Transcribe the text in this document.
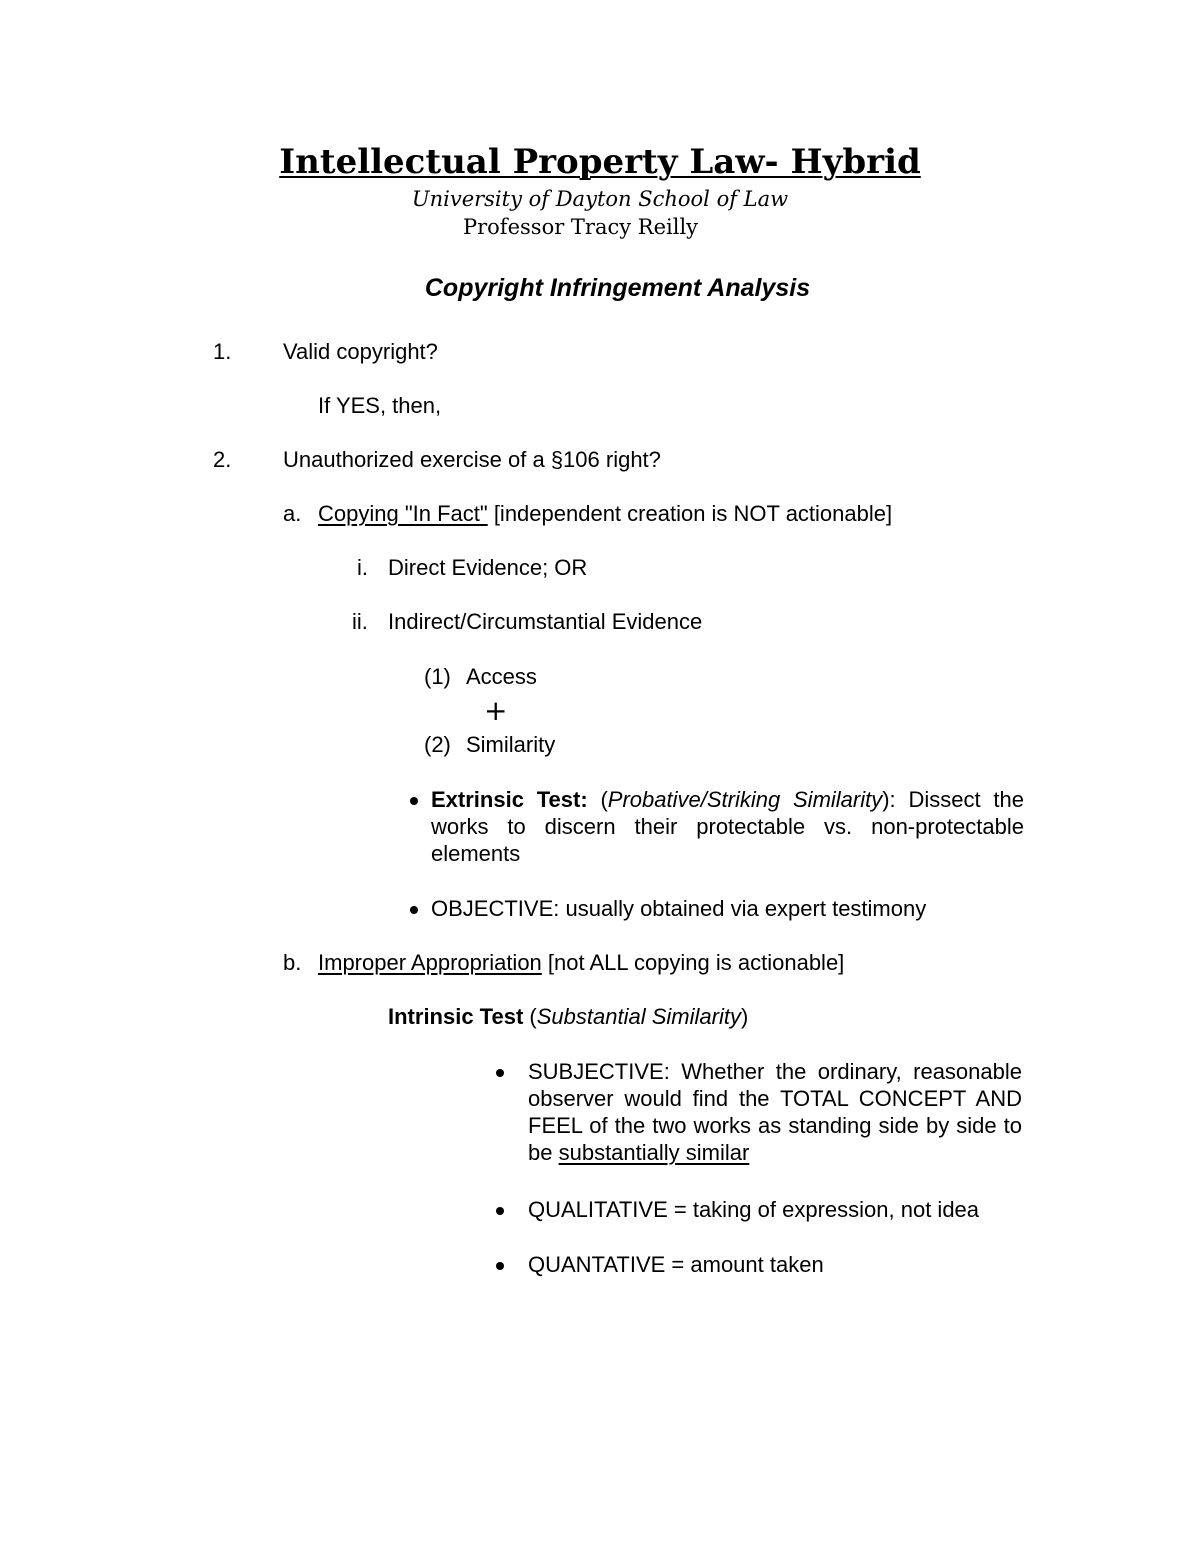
Intellectual Property Law- Hybrid
University of Dayton School of Law
Professor Tracy Reilly
Copyright Infringement Analysis
1. Valid copyright?
If YES, then,
2. Unauthorized exercise of a §106 right?
a. Copying "In Fact" [independent creation is NOT actionable]
i. Direct Evidence; OR
ii. Indirect/Circumstantial Evidence
(1) Access
+
(2) Similarity
Extrinsic Test: (Probative/Striking Similarity): Dissect the works to discern their protectable vs. non-protectable elements
OBJECTIVE: usually obtained via expert testimony
b. Improper Appropriation [not ALL copying is actionable]
Intrinsic Test (Substantial Similarity)
SUBJECTIVE: Whether the ordinary, reasonable observer would find the TOTAL CONCEPT AND FEEL of the two works as standing side by side to be substantially similar
QUALITATIVE = taking of expression, not idea
QUANTATIVE = amount taken
